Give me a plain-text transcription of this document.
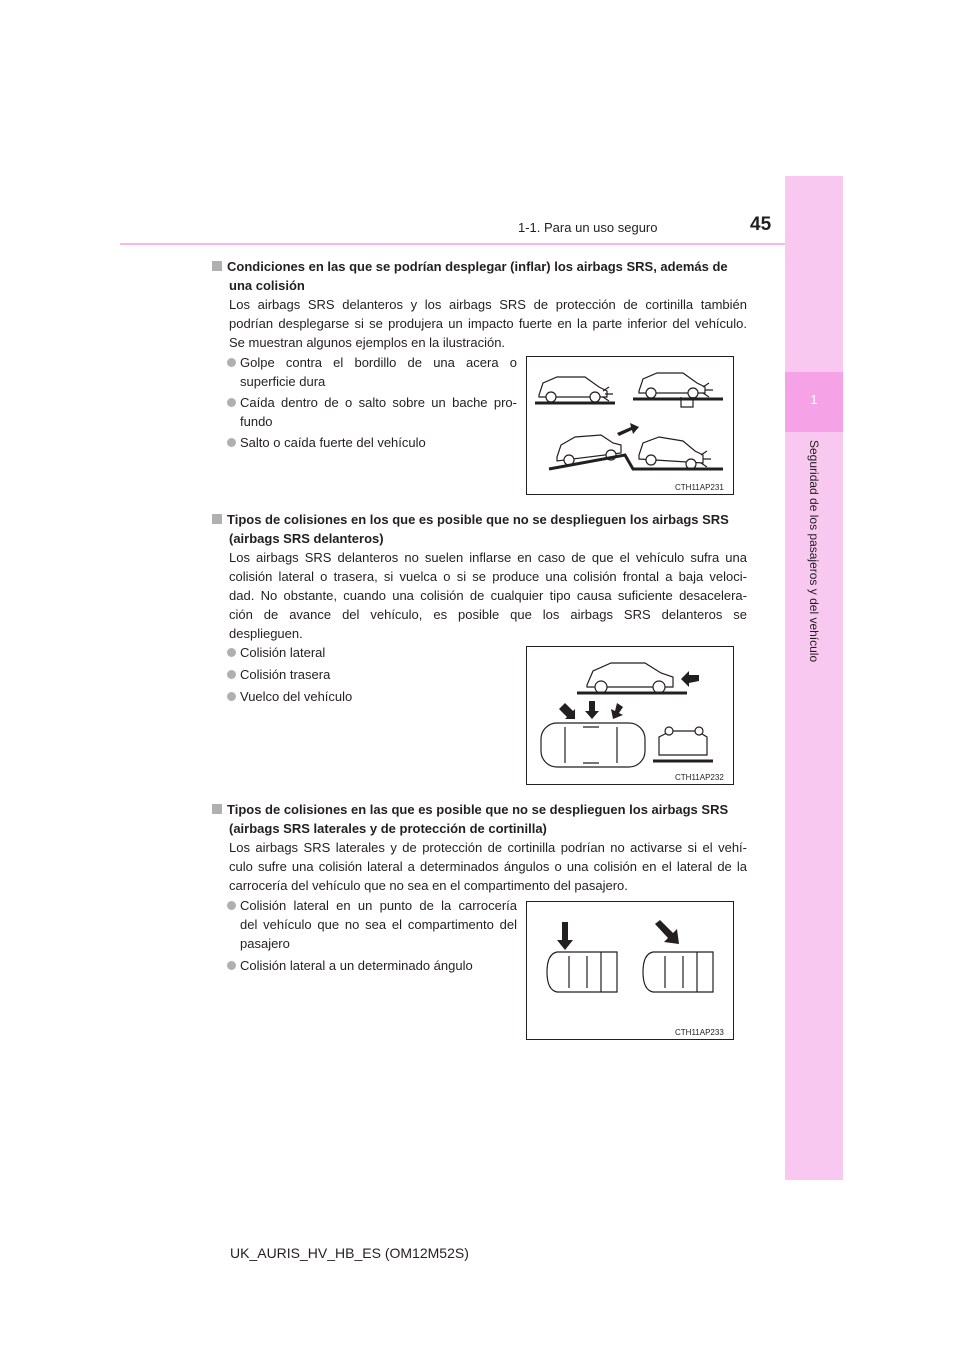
1-1. Para un uso seguro	45
1
Seguridad de los pasajeros y del vehículo
Condiciones en las que se podrían desplegar (inflar) los airbags SRS, además de
una colisión
Los airbags SRS delanteros y los airbags SRS de protección de cortinilla también
podrían desplegarse si se produjera un impacto fuerte en la parte inferior del vehículo.
Se muestran algunos ejemplos en la ilustración.
Golpe contra el bordillo de una acera o
superficie dura
Caída dentro de o salto sobre un bache pro-
fundo
Salto o caída fuerte del vehículo
CTH11AP231
Tipos de colisiones en los que es posible que no se desplieguen los airbags SRS
(airbags SRS delanteros)
Los airbags SRS delanteros no suelen inflarse en caso de que el vehículo sufra una
colisión lateral o trasera, si vuelca o si se produce una colisión frontal a baja veloci-
dad. No obstante, cuando una colisión de cualquier tipo causa suficiente desacelera-
ción de avance del vehículo, es posible que los airbags SRS delanteros se
desplieguen.
Colisión lateral
Colisión trasera
Vuelco del vehículo
CTH11AP232
Tipos de colisiones en las que es posible que no se desplieguen los airbags SRS
(airbags SRS laterales y de protección de cortinilla)
Los airbags SRS laterales y de protección de cortinilla podrían no activarse si el vehí-
culo sufre una colisión lateral a determinados ángulos o una colisión en el lateral de la
carrocería del vehículo que no sea en el compartimento del pasajero.
Colisión lateral en un punto de la carrocería
del vehículo que no sea el compartimento del
pasajero
Colisión lateral a un determinado ángulo
CTH11AP233
UK_AURIS_HV_HB_ES (OM12M52S)
